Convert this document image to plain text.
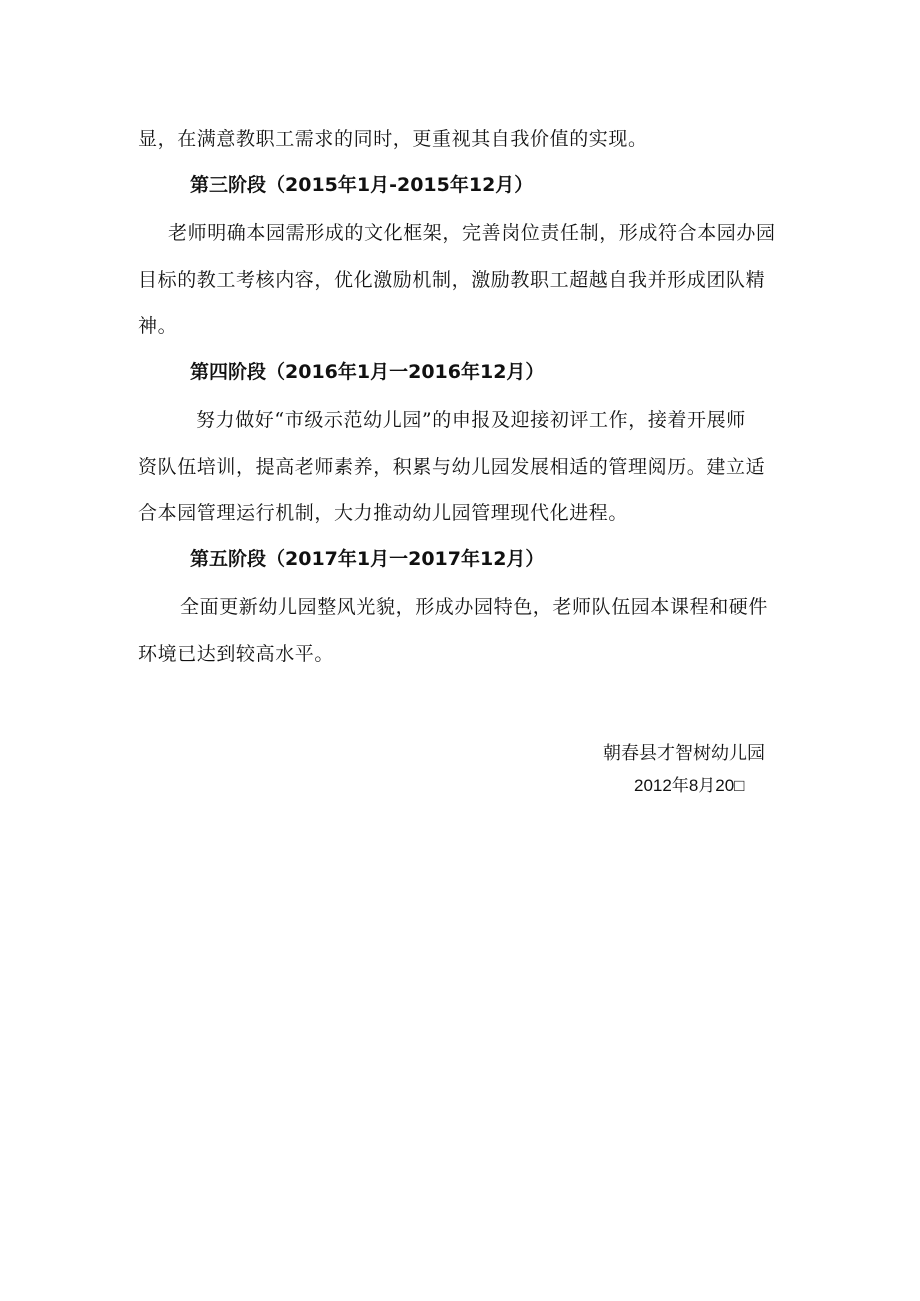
显，在满意教职工需求的同时，更重视其自我价值的实现。
第三阶段（2015年1月-2015年12月）
老师明确本园需形成的文化框架，完善岗位责任制，形成符合本园办园
目标的教工考核内容，优化激励机制，激励教职工超越自我并形成团队精
神。
第四阶段（2016年1月一2016年12月）
努力做好“市级示范幼儿园”的申报及迎接初评工作，接着开展师
资队伍培训，提高老师素养，积累与幼儿园发展相适的管理阅历。建立适
合本园管理运行机制，大力推动幼儿园管理现代化进程。
第五阶段（2017年1月一2017年12月）
全面更新幼儿园整风光貌，形成办园特色，老师队伍园本课程和硬件
环境已达到较高水平。
朝春县才智树幼儿园
2012年8月20□
